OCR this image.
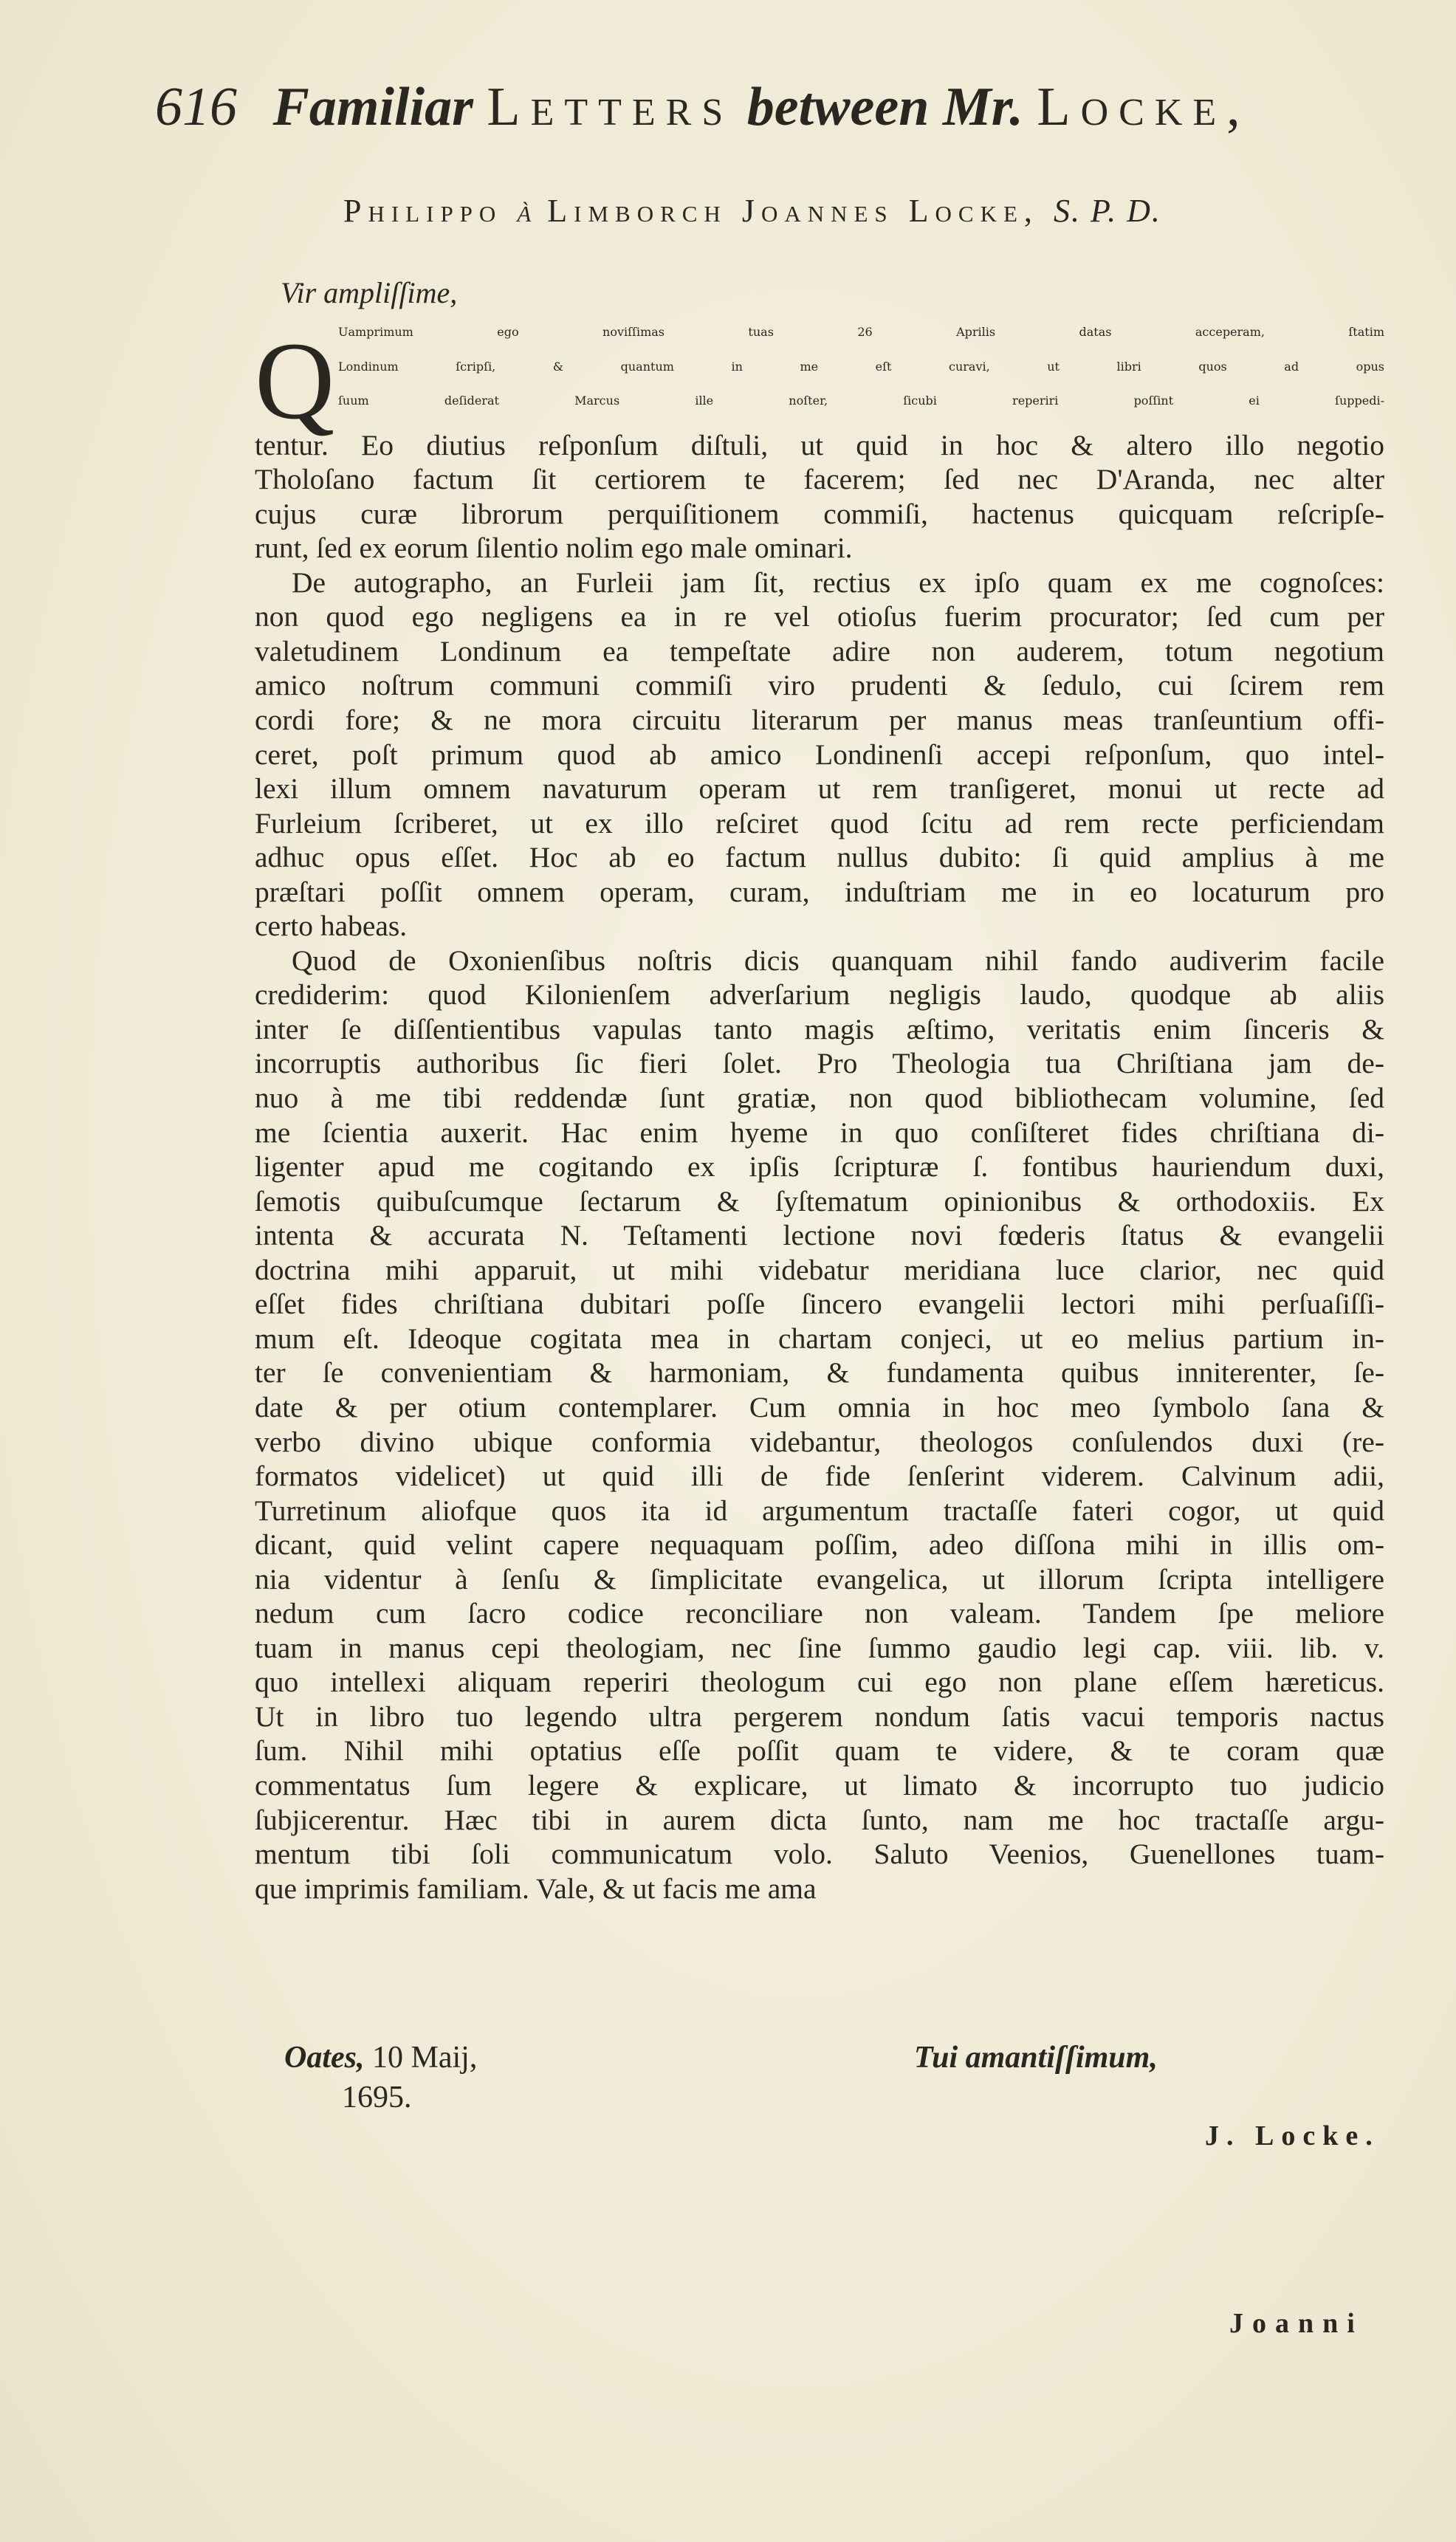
616 Familiar Letters between Mr. Locke,
Philippo à Limborch Joannes Locke, S. P. D.
Vir ampliſſime,
Q Uamprimum ego noviſſimas tuas 26 Aprilis datas acceperam, ſtatim
Londinum ſcripſi, & quantum in me eſt curavi, ut libri quos ad opus
ſuum deſiderat Marcus ille noſter, ſicubi reperiri poſſint ei ſuppedi-
tentur. Eo diutius reſponſum diſtuli, ut quid in hoc & altero illo negotio
Tholoſano factum ſit certiorem te facerem; ſed nec D'Aranda, nec alter
cujus curæ librorum perquiſitionem commiſi, hactenus quicquam reſcripſe-
runt, ſed ex eorum ſilentio nolim ego male ominari.
De autographo, an Furleii jam ſit, rectius ex ipſo quam ex me cognoſces:
non quod ego negligens ea in re vel otioſus fuerim procurator; ſed cum per
valetudinem Londinum ea tempeſtate adire non auderem, totum negotium
amico noſtrum communi commiſi viro prudenti & ſedulo, cui ſcirem rem
cordi fore; & ne mora circuitu literarum per manus meas tranſeuntium offi-
ceret, poſt primum quod ab amico Londinenſi accepi reſponſum, quo intel-
lexi illum omnem navaturum operam ut rem tranſigeret, monui ut recte ad
Furleium ſcriberet, ut ex illo reſciret quod ſcitu ad rem recte perficiendam
adhuc opus eſſet. Hoc ab eo factum nullus dubito: ſi quid amplius à me
præſtari poſſit omnem operam, curam, induſtriam me in eo locaturum pro
certo habeas.
Quod de Oxonienſibus noſtris dicis quanquam nihil fando audiverim facile
crediderim: quod Kilonienſem adverſarium negligis laudo, quodque ab aliis
inter ſe diſſentientibus vapulas tanto magis æſtimo, veritatis enim ſinceris &
incorruptis authoribus ſic fieri ſolet. Pro Theologia tua Chriſtiana jam de-
nuo à me tibi reddendæ ſunt gratiæ, non quod bibliothecam volumine, ſed
me ſcientia auxerit. Hac enim hyeme in quo conſiſteret fides chriſtiana di-
ligenter apud me cogitando ex ipſis ſcripturæ ſ. fontibus hauriendum duxi,
ſemotis quibuſcumque ſectarum & ſyſtematum opinionibus & orthodoxiis. Ex
intenta & accurata N. Teſtamenti lectione novi fœderis ſtatus & evangelii
doctrina mihi apparuit, ut mihi videbatur meridiana luce clarior, nec quid
eſſet fides chriſtiana dubitari poſſe ſincero evangelii lectori mihi perſuaſiſſi-
mum eſt. Ideoque cogitata mea in chartam conjeci, ut eo melius partium in-
ter ſe convenientiam & harmoniam, & fundamenta quibus inniterenter, ſe-
date & per otium contemplarer. Cum omnia in hoc meo ſymbolo ſana &
verbo divino ubique conformia videbantur, theologos conſulendos duxi (re-
formatos videlicet) ut quid illi de fide ſenſerint viderem. Calvinum adii,
Turretinum aliofque quos ita id argumentum tractaſſe fateri cogor, ut quid
dicant, quid velint capere nequaquam poſſim, adeo diſſona mihi in illis om-
nia videntur à ſenſu & ſimplicitate evangelica, ut illorum ſcripta intelligere
nedum cum ſacro codice reconciliare non valeam. Tandem ſpe meliore
tuam in manus cepi theologiam, nec ſine ſummo gaudio legi cap. viii. lib. v.
quo intellexi aliquam reperiri theologum cui ego non plane eſſem hæreticus.
Ut in libro tuo legendo ultra pergerem nondum ſatis vacui temporis nactus
ſum. Nihil mihi optatius eſſe poſſit quam te videre, & te coram quæ
commentatus ſum legere & explicare, ut limato & incorrupto tuo judicio
ſubjicerentur. Hæc tibi in aurem dicta ſunto, nam me hoc tractaſſe argu-
mentum tibi ſoli communicatum volo. Saluto Veenios, Guenellones tuam-
que imprimis familiam. Vale, & ut facis me ama
Oates, 10 Maij,
1695.
Tui amantiſſimum,
J. Locke.
Joanni
